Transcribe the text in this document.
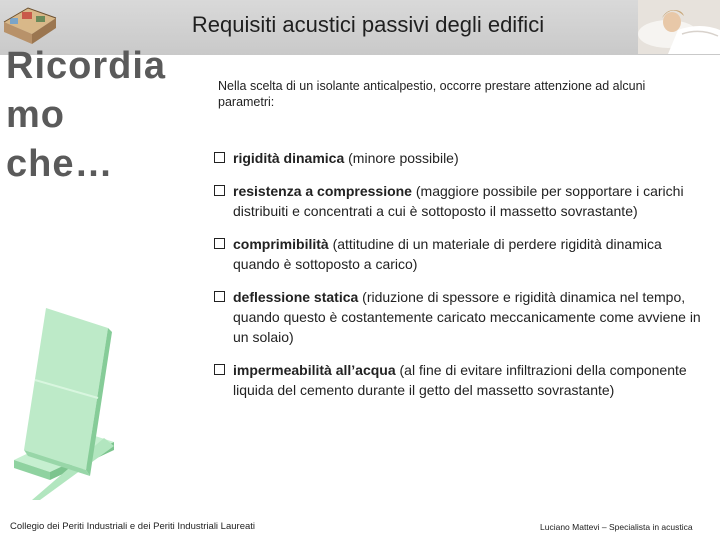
Requisiti acustici passivi degli edifici
Ricordia mo che…
Nella scelta di un isolante anticalpestio, occorre prestare attenzione ad alcuni parametri:
rigidità dinamica (minore possibile)
resistenza a compressione (maggiore possibile per sopportare i carichi distribuiti e concentrati a cui è sottoposto il massetto sovrastante)
comprimibilità (attitudine di un materiale di perdere rigidità dinamica quando è sottoposto a carico)
deflessione statica (riduzione di spessore e rigidità dinamica nel tempo, quando questo è costantemente caricato meccanicamente come avviene in un solaio)
impermeabilità all’acqua (al fine di evitare infiltrazioni della componente liquida del cemento durante il getto del massetto sovrastante)
Collegio dei Periti Industriali e dei Periti Industriali Laureati	Luciano Mattevi – Specialista in acustica
